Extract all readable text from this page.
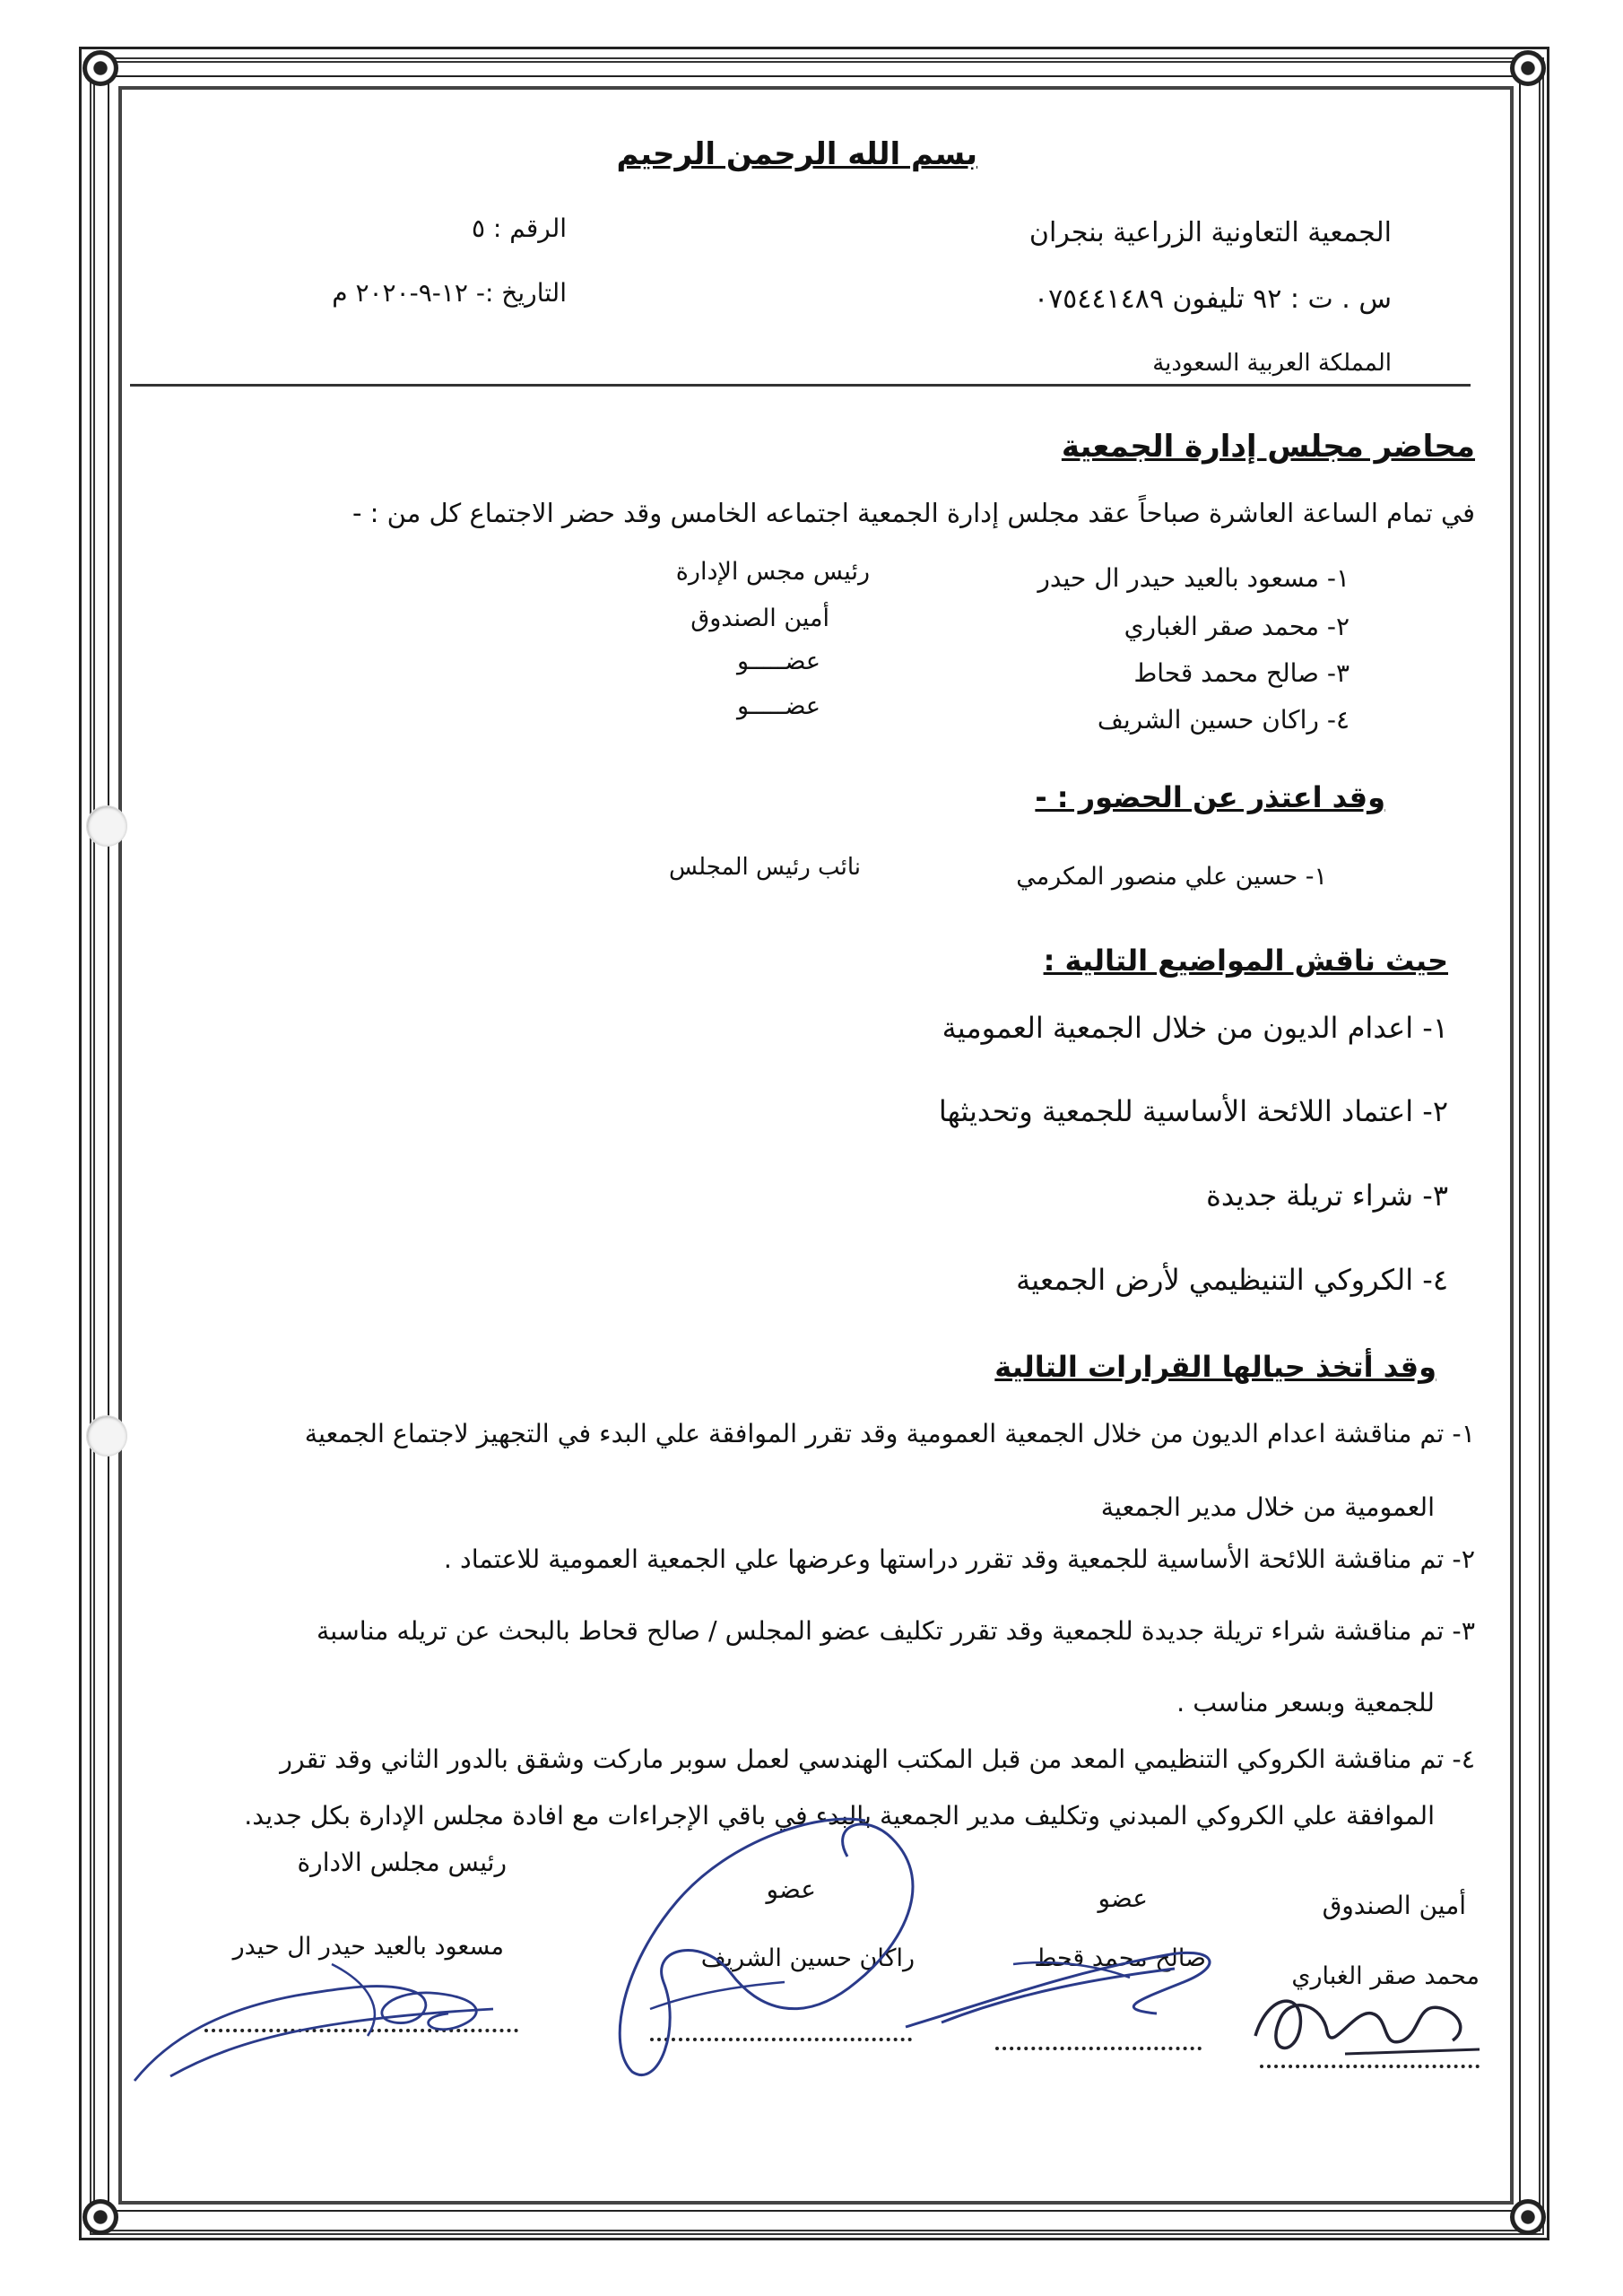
بسم الله الرحمن الرحيم
الجمعية التعاونية الزراعية بنجران
س . ت : ٩٢ تليفون ٠٧٥٤٤١٤٨٩
المملكة العربية السعودية
الرقم : ٥
التاريخ :- ١٢-٩-٢٠٢٠ م
محاضر مجلس إدارة الجمعية
في تمام الساعة العاشرة صباحاً عقد مجلس إدارة الجمعية اجتماعه الخامس وقد حضر الاجتماع كل من : -
١- مسعود بالعيد حيدر ال حيدر
رئيس مجس الإدارة
٢- محمد صقر الغباري
أمين الصندوق
٣- صالح محمد قحاط
عضـــــو
٤- راكان حسين الشريف
عضـــــو
وقد اعتذر عن الحضور : -
١- حسين علي منصور المكرمي
نائب رئيس المجلس
حيث ناقش المواضيع التالية :
١- اعدام الديون من خلال الجمعية العمومية
٢- اعتماد اللائحة الأساسية للجمعية وتحديثها
٣- شراء تريلة جديدة
٤- الكروكي التنيظيمي لأرض الجمعية
وقد أتخذ حيالها القرارات التالية
١- تم مناقشة اعدام الديون من خلال الجمعية العمومية وقد تقرر الموافقة علي البدء في التجهيز لاجتماع الجمعية
العمومية من خلال مدير الجمعية
٢- تم مناقشة اللائحة الأساسية للجمعية وقد تقرر دراستها وعرضها علي الجمعية العمومية للاعتماد .
٣- تم مناقشة شراء تريلة جديدة للجمعية وقد تقرر تكليف عضو المجلس / صالح قحاط بالبحث عن تريله مناسبة
للجمعية وبسعر مناسب .
٤- تم مناقشة الكروكي التنظيمي المعد من قبل المكتب الهندسي لعمل سوبر ماركت وشقق بالدور الثاني وقد تقرر
الموافقة علي الكروكي المبدني وتكليف مدير الجمعية بالبدء في باقي الإجراءات مع افادة مجلس الإدارة بكل جديد.
أمين الصندوق
محمد صقر الغباري
عضو
صالح محمد قحط
عضو
راكان حسين الشريف
رئيس مجلس الادارة
مسعود بالعيد حيدر ال حيدر
